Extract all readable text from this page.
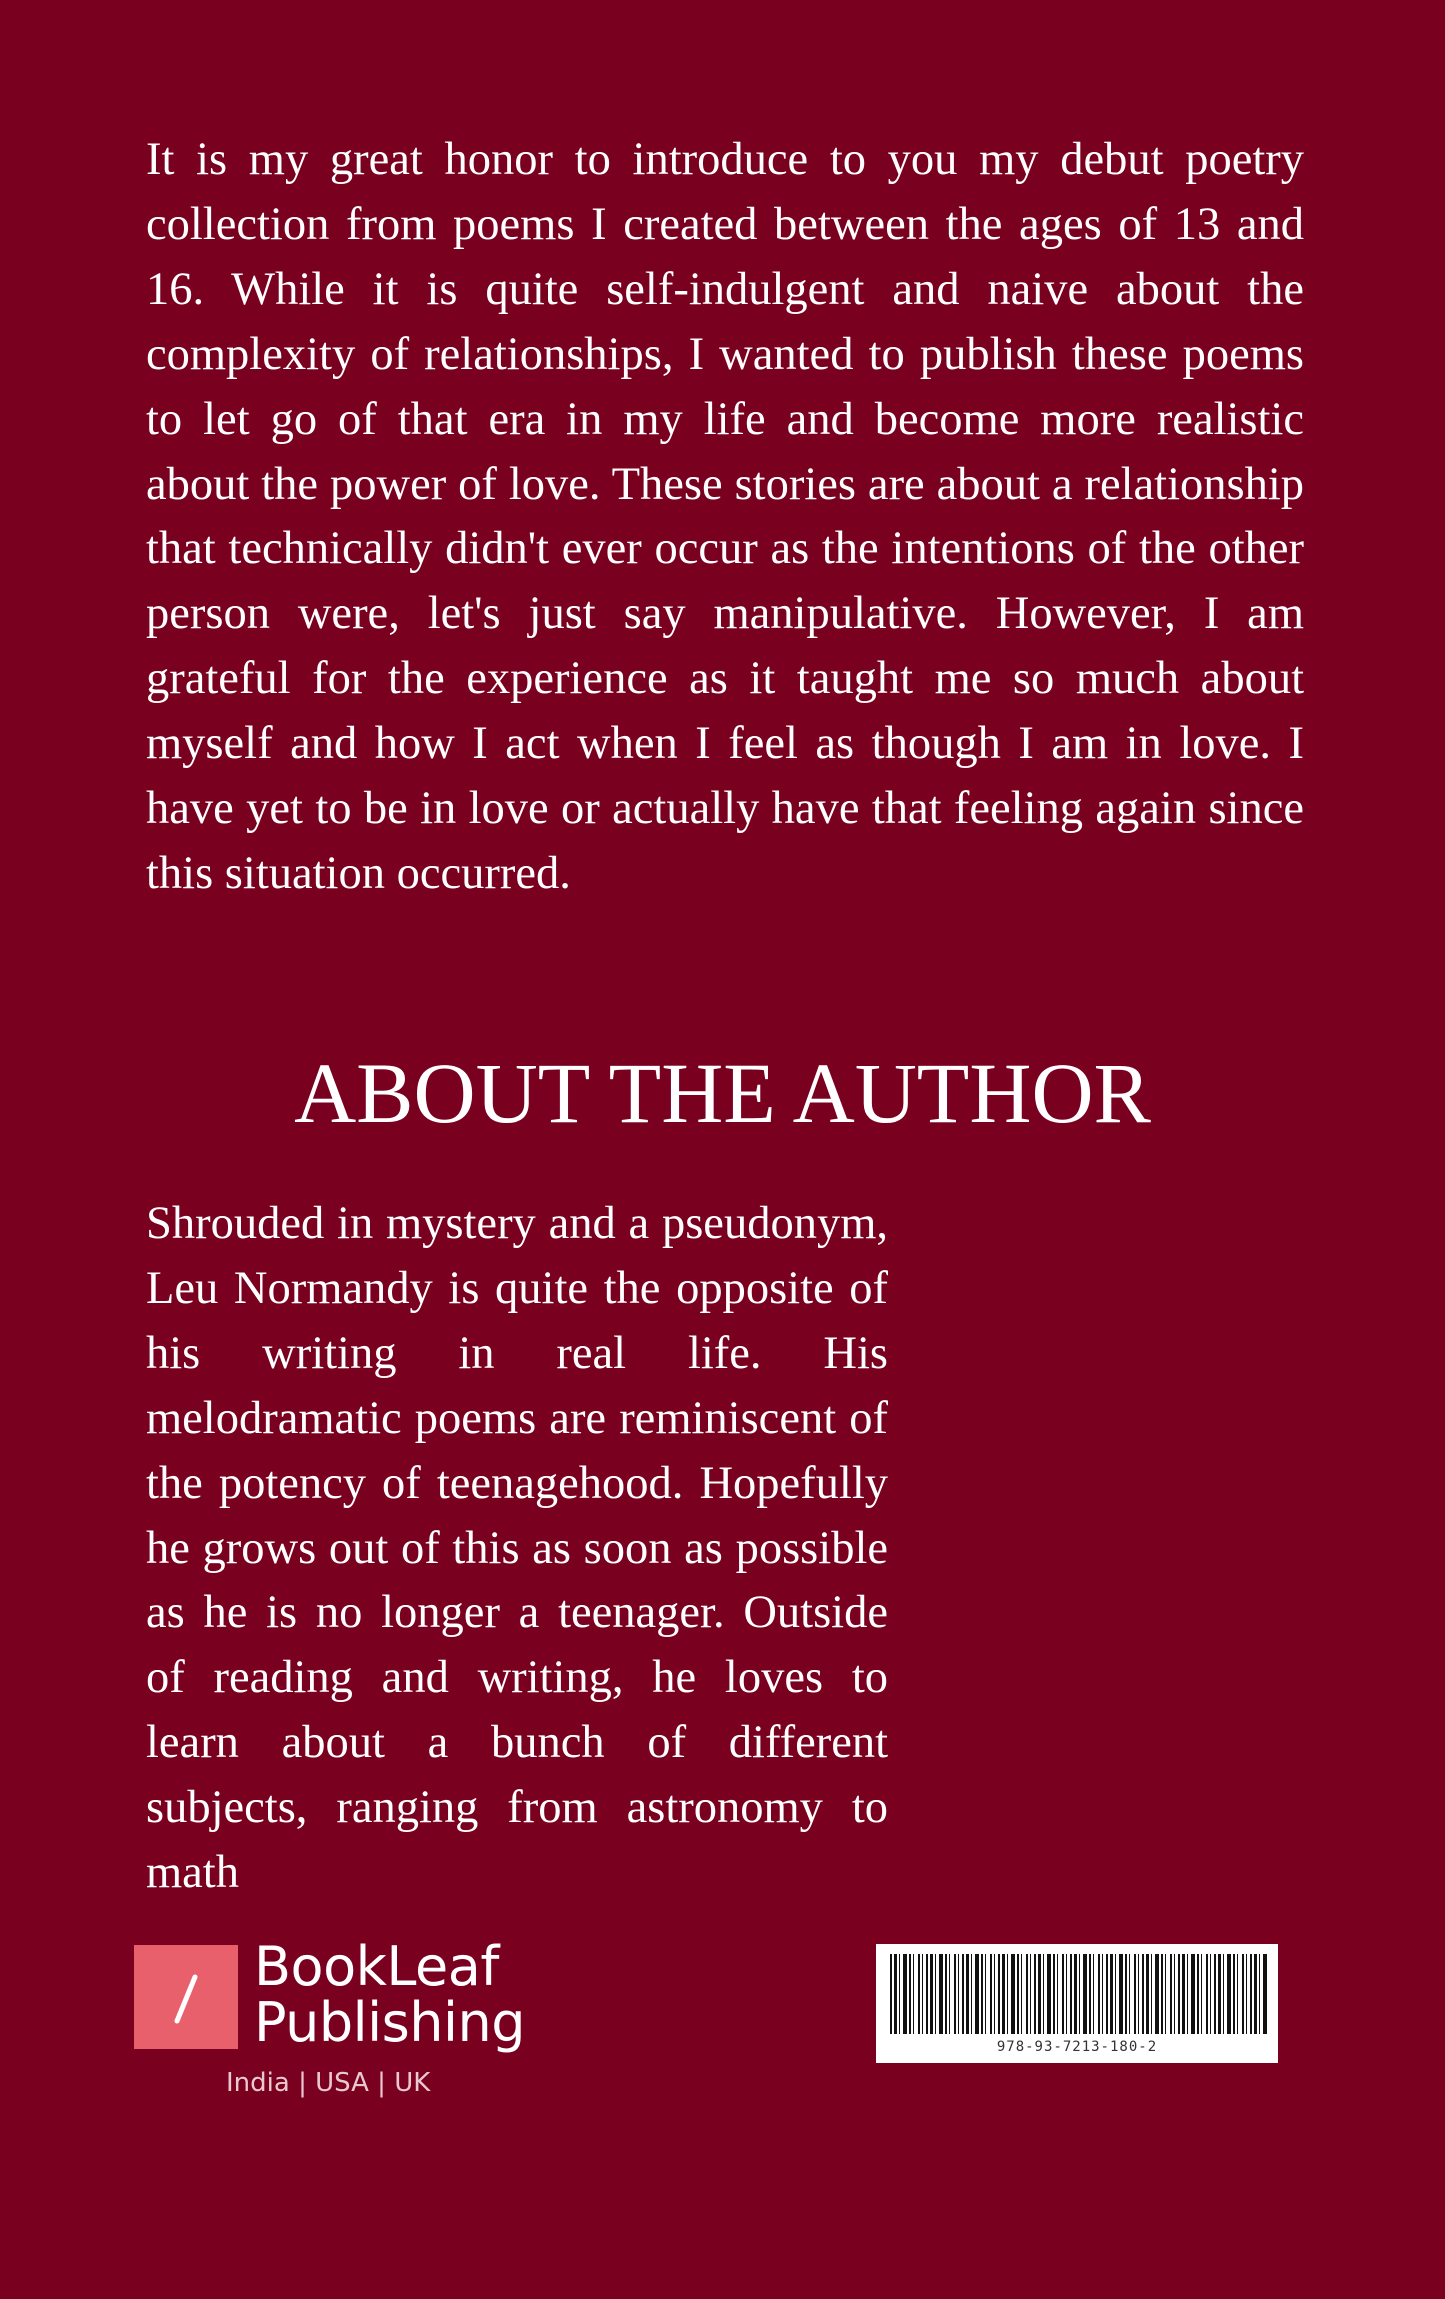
It is my great honor to introduce to you my debut poetry collection from poems I created between the ages of 13 and 16. While it is quite self-indulgent and naive about the complexity of relationships, I wanted to publish these poems to let go of that era in my life and become more realistic about the power of love. These stories are about a relationship that technically didn't ever occur as the intentions of the other person were, let's just say manipulative. However, I am grateful for the experience as it taught me so much about myself and how I act when I feel as though I am in love. I have yet to be in love or actually have that feeling again since this situation occurred.

ABOUT THE AUTHOR

Shrouded in mystery and a pseudonym, Leu Normandy is quite the opposite of his writing in real life. His melodramatic poems are reminiscent of the potency of teenagehood. Hopefully he grows out of this as soon as possible as he is no longer a teenager. Outside of reading and writing, he loves to learn about a bunch of different subjects, ranging from astronomy to math

BookLeaf
Publishing
India | USA | UK
978-93-7213-180-2
